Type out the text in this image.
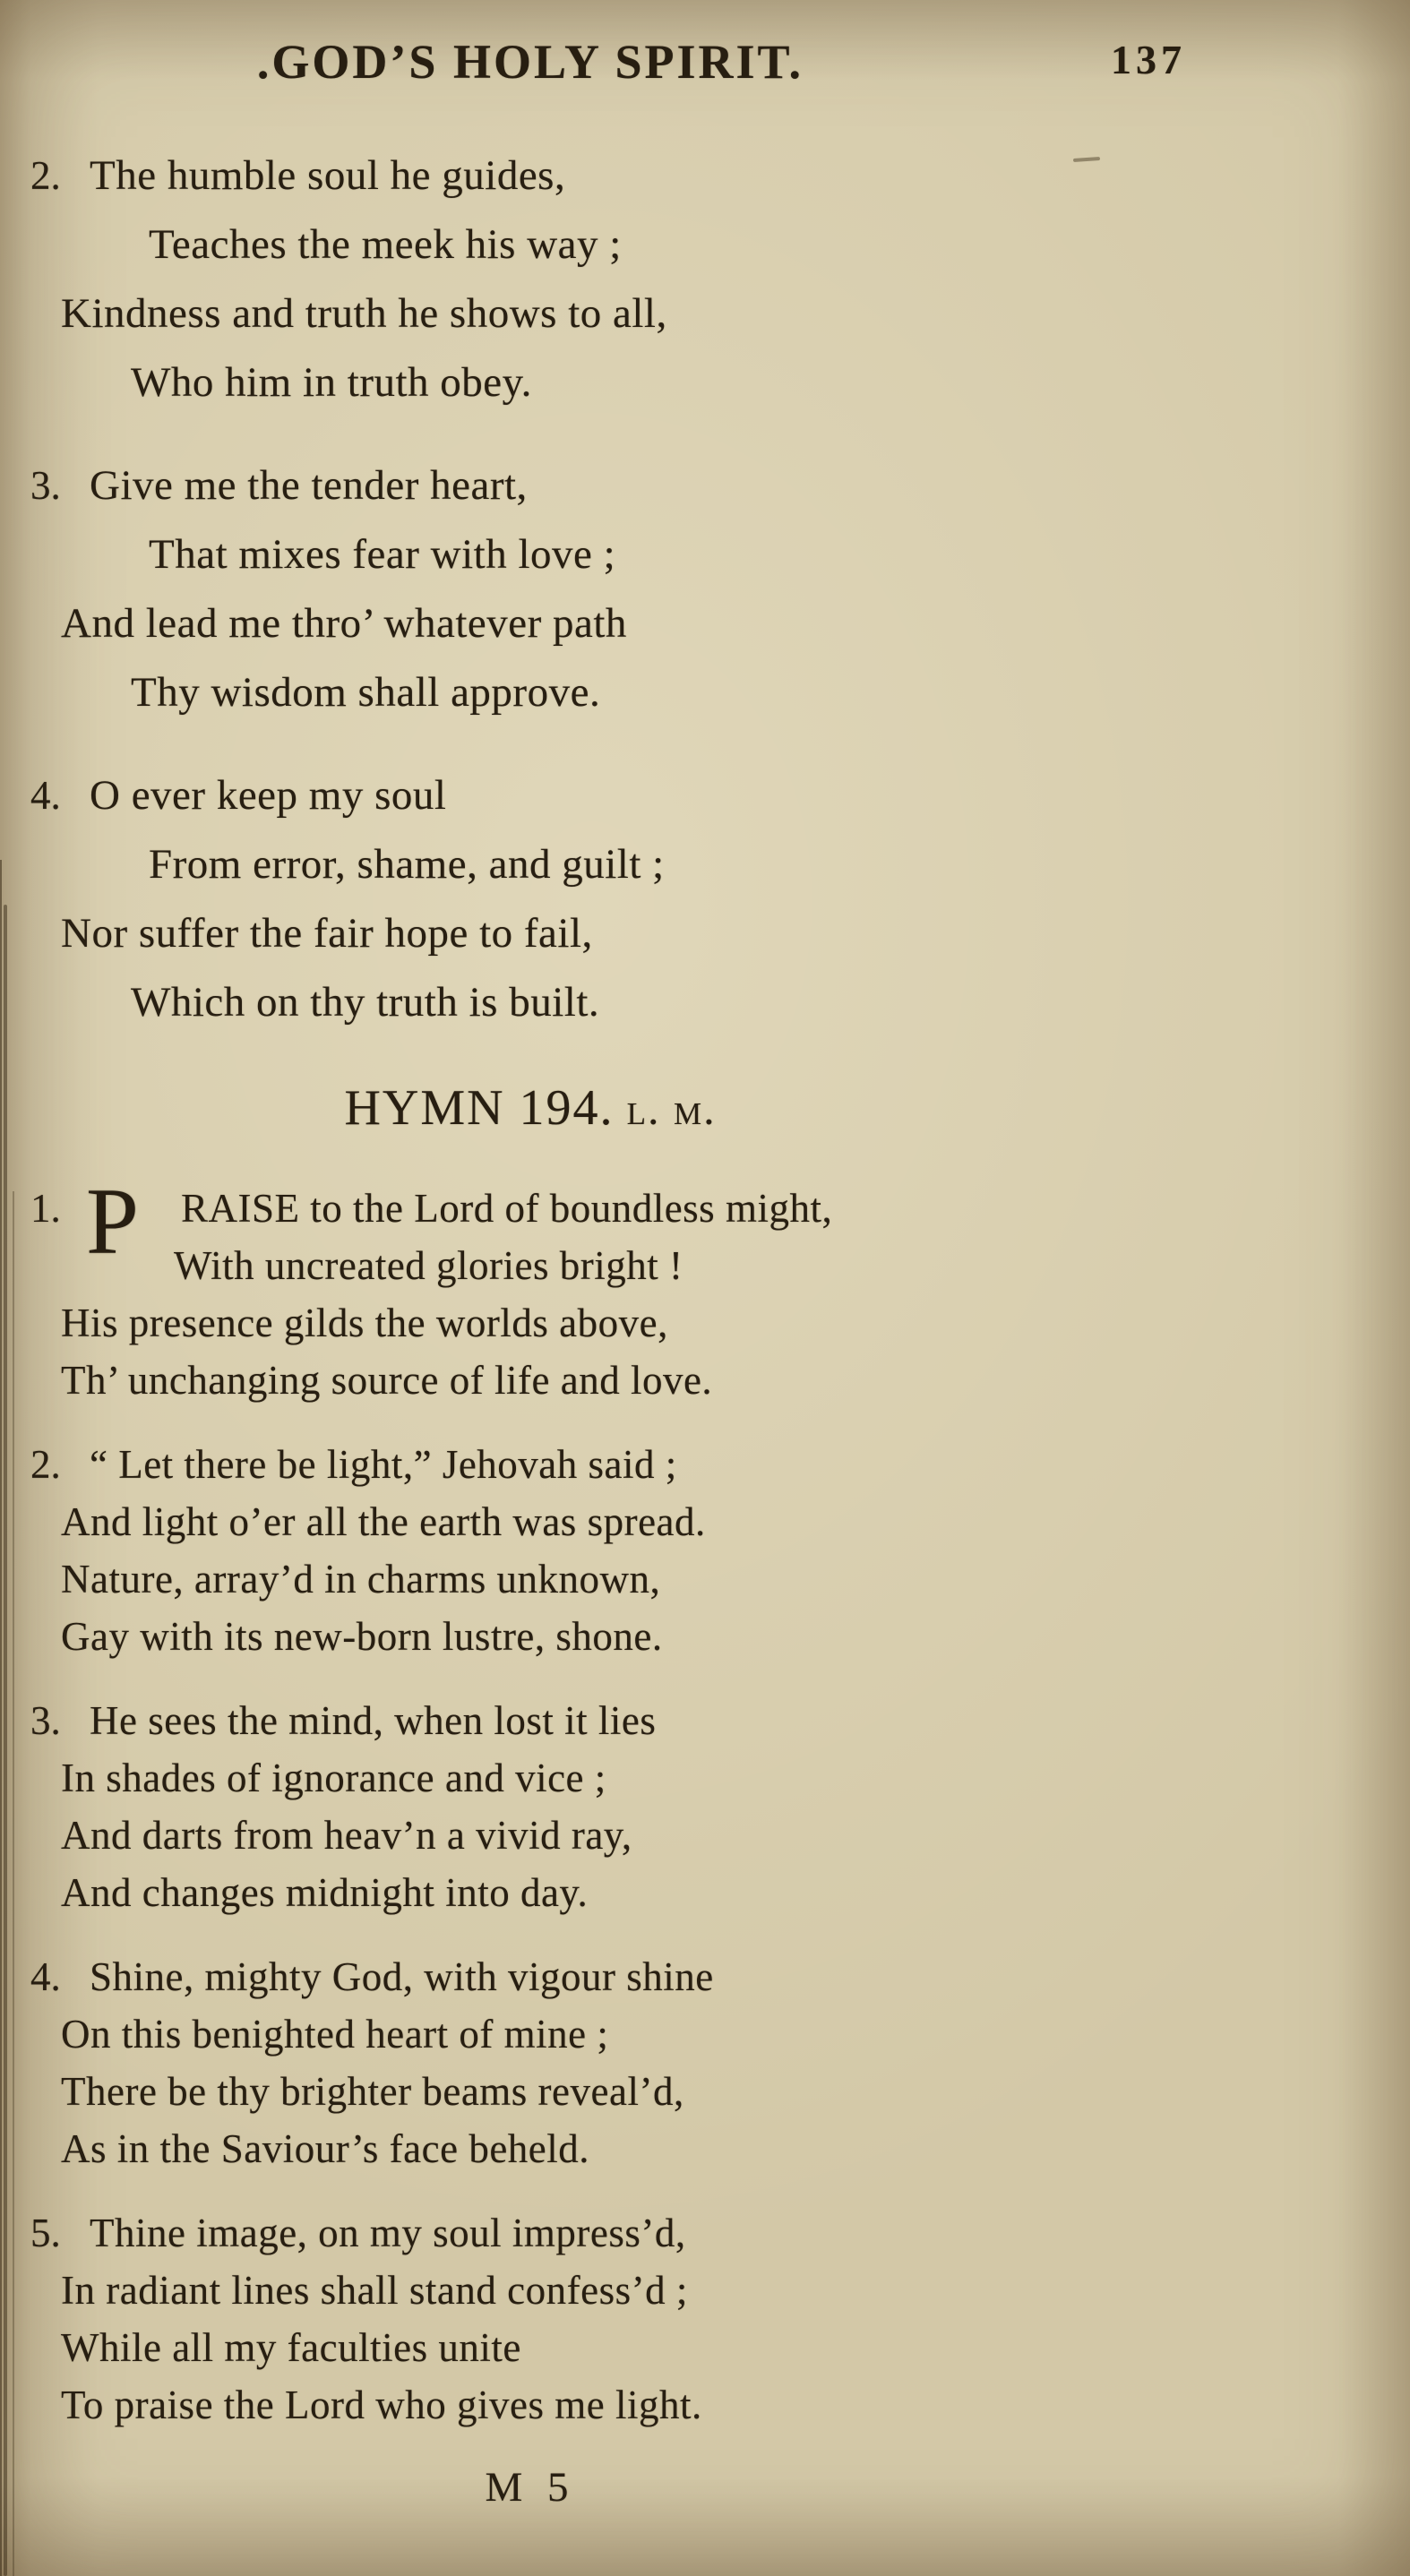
137
.GOD’S HOLY SPIRIT.
2. The humble soul he guides,
Teaches the meek his way ;
Kindness and truth he shows to all,
Who him in truth obey.
3. Give me the tender heart,
That mixes fear with love ;
And lead me thro’ whatever path
Thy wisdom shall approve.
4. O ever keep my soul
From error, shame, and guilt ;
Nor suffer the fair hope to fail,
Which on thy truth is built.
HYMN 194. l. m.
1. P RAISE to the Lord of boundless might,
With uncreated glories bright !
His presence gilds the worlds above,
Th’ unchanging source of life and love.
2. “ Let there be light,” Jehovah said ;
And light o’er all the earth was spread.
Nature, array’d in charms unknown,
Gay with its new-born lustre, shone.
3. He sees the mind, when lost it lies
In shades of ignorance and vice ;
And darts from heav’n a vivid ray,
And changes midnight into day.
4. Shine, mighty God, with vigour shine
On this benighted heart of mine ;
There be thy brighter beams reveal’d,
As in the Saviour’s face beheld.
5. Thine image, on my soul impress’d,
In radiant lines shall stand confess’d ;
While all my faculties unite
To praise the Lord who gives me light.
M 5
